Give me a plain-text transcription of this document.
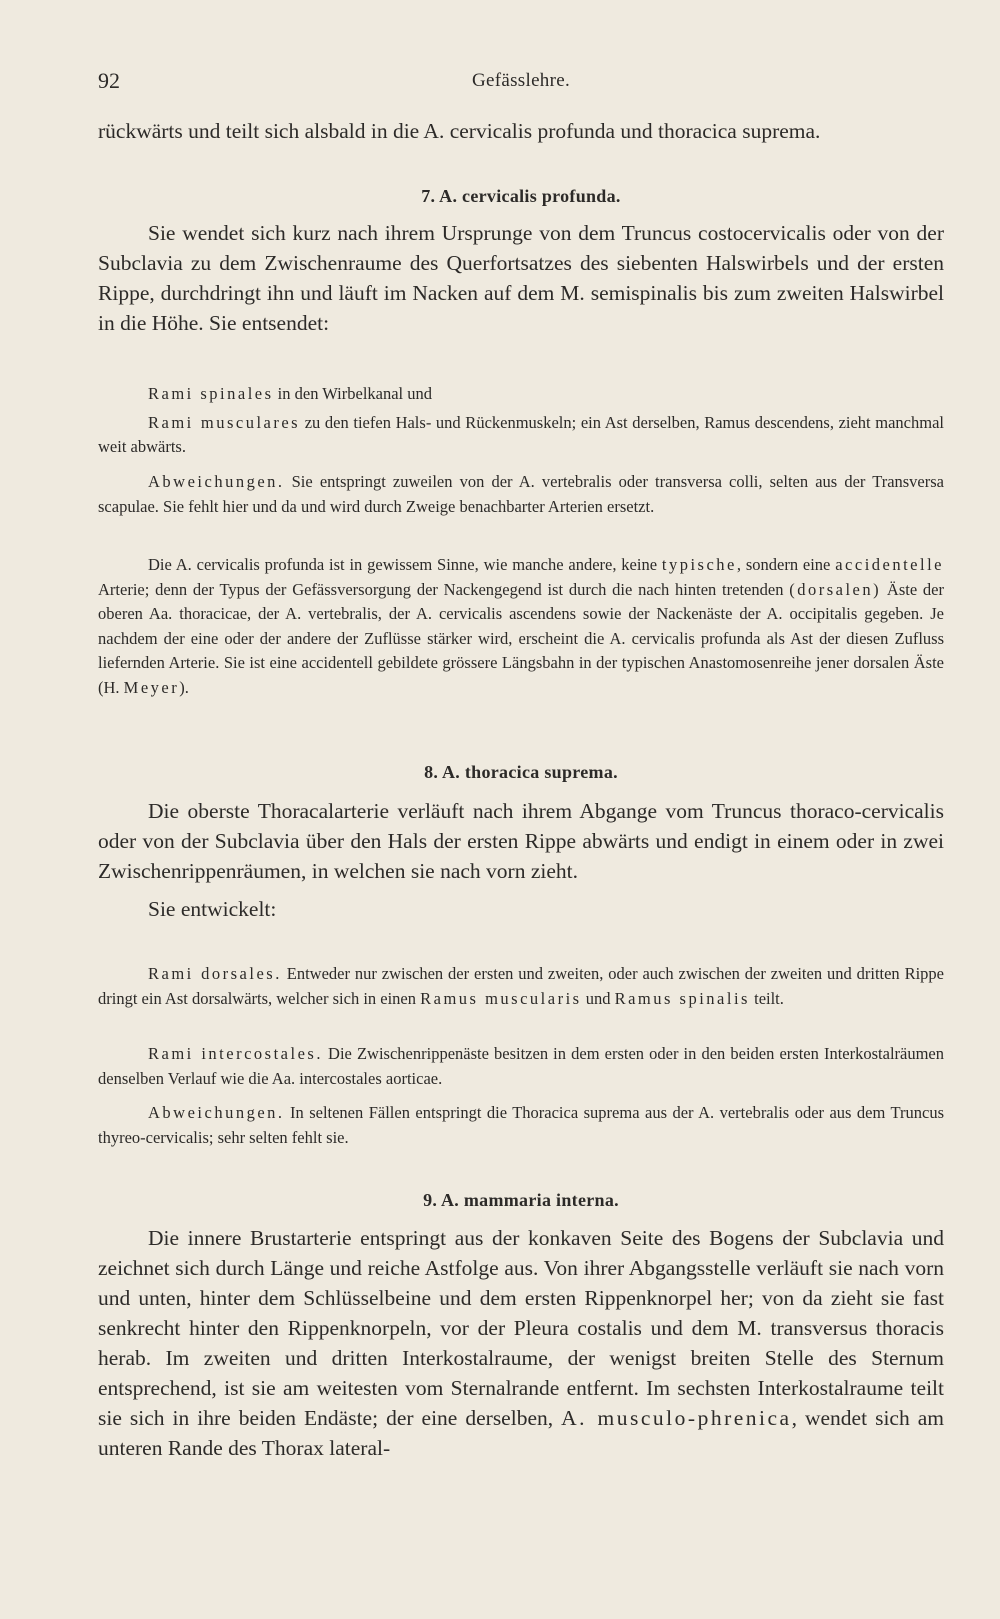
92	Gefässlehre.

rückwärts und teilt sich alsbald in die A. cervicalis profunda und thoracica suprema.

7. A. cervicalis profunda.

Sie wendet sich kurz nach ihrem Ursprunge von dem Truncus costocervicalis oder von der Subclavia zu dem Zwischenraume des Querfortsatzes des siebenten Halswirbels und der ersten Rippe, durchdringt ihn und läuft im Nacken auf dem M. semispinalis bis zum zweiten Halswirbel in die Höhe. Sie entsendet:

Rami spinales in den Wirbelkanal und

Rami musculares zu den tiefen Hals- und Rückenmuskeln; ein Ast derselben, Ramus descendens, zieht manchmal weit abwärts.

Abweichungen. Sie entspringt zuweilen von der A. vertebralis oder transversa colli, selten aus der Transversa scapulae. Sie fehlt hier und da und wird durch Zweige benachbarter Arterien ersetzt.

Die A. cervicalis profunda ist in gewissem Sinne, wie manche andere, keine typische, sondern eine accidentelle Arterie; denn der Typus der Gefässversorgung der Nackengegend ist durch die nach hinten tretenden (dorsalen) Äste der oberen Aa. thoracicae, der A. vertebralis, der A. cervicalis ascendens sowie der Nackenäste der A. occipitalis gegeben. Je nachdem der eine oder der andere der Zuflüsse stärker wird, erscheint die A. cervicalis profunda als Ast der diesen Zufluss liefernden Arterie. Sie ist eine accidentell gebildete grössere Längsbahn in der typischen Anastomosenreihe jener dorsalen Äste (H. Meyer).

8. A. thoracica suprema.

Die oberste Thoracalarterie verläuft nach ihrem Abgange vom Truncus thoraco-cervicalis oder von der Subclavia über den Hals der ersten Rippe abwärts und endigt in einem oder in zwei Zwischenrippenräumen, in welchen sie nach vorn zieht.

Sie entwickelt:

Rami dorsales. Entweder nur zwischen der ersten und zweiten, oder auch zwischen der zweiten und dritten Rippe dringt ein Ast dorsalwärts, welcher sich in einen Ramus muscularis und Ramus spinalis teilt.

Rami intercostales. Die Zwischenrippenäste besitzen in dem ersten oder in den beiden ersten Interkostalräumen denselben Verlauf wie die Aa. intercostales aorticae.

Abweichungen. In seltenen Fällen entspringt die Thoracica suprema aus der A. vertebralis oder aus dem Truncus thyreo-cervicalis; sehr selten fehlt sie.

9. A. mammaria interna.

Die innere Brustarterie entspringt aus der konkaven Seite des Bogens der Subclavia und zeichnet sich durch Länge und reiche Astfolge aus. Von ihrer Abgangsstelle verläuft sie nach vorn und unten, hinter dem Schlüsselbeine und dem ersten Rippenknorpel her; von da zieht sie fast senkrecht hinter den Rippenknorpeln, vor der Pleura costalis und dem M. transversus thoracis herab. Im zweiten und dritten Interkostalraume, der wenigst breiten Stelle des Sternum entsprechend, ist sie am weitesten vom Sternalrande entfernt. Im sechsten Interkostalraume teilt sie sich in ihre beiden Endäste; der eine derselben, A. musculo-phrenica, wendet sich am unteren Rande des Thorax lateral-
